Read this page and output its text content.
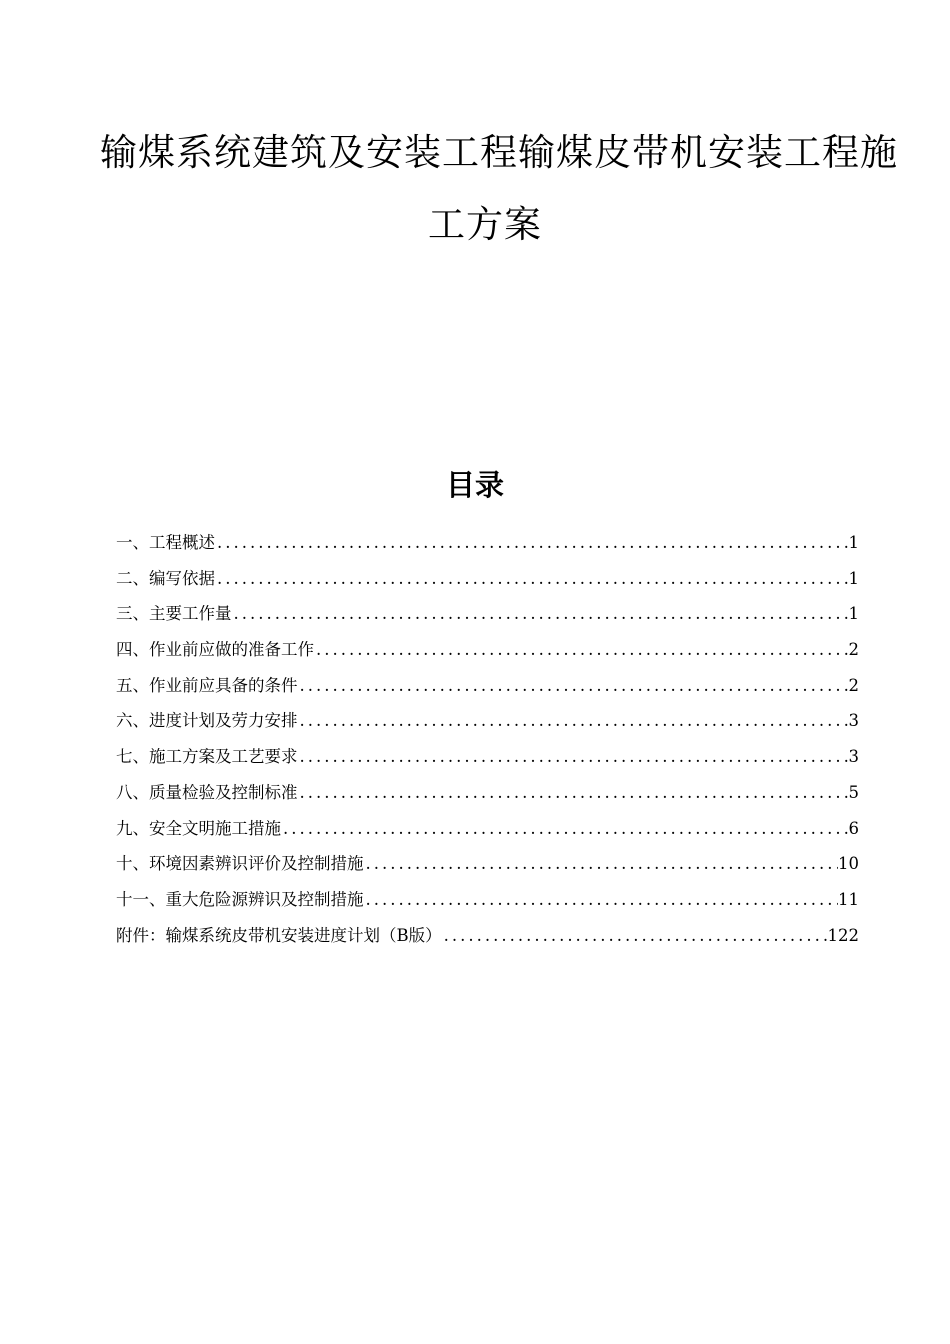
输煤系统建筑及安装工程输煤皮带机安装工程施
工方案
目录
一、工程概述 .....	1
二、编写依据 .....	1
三、主要工作量 .....	1
四、作业前应做的准备工作 .....	2
五、作业前应具备的条件 .....	2
六、进度计划及劳力安排 .....	3
七、施工方案及工艺要求 .....	3
八、质量检验及控制标准 .....	5
九、安全文明施工措施 .....	6
十、环境因素辨识评价及控制措施 .....	10
十一、重大危险源辨识及控制措施 .....	11
附件：输煤系统皮带机安装进度计划（B版） .....	122
